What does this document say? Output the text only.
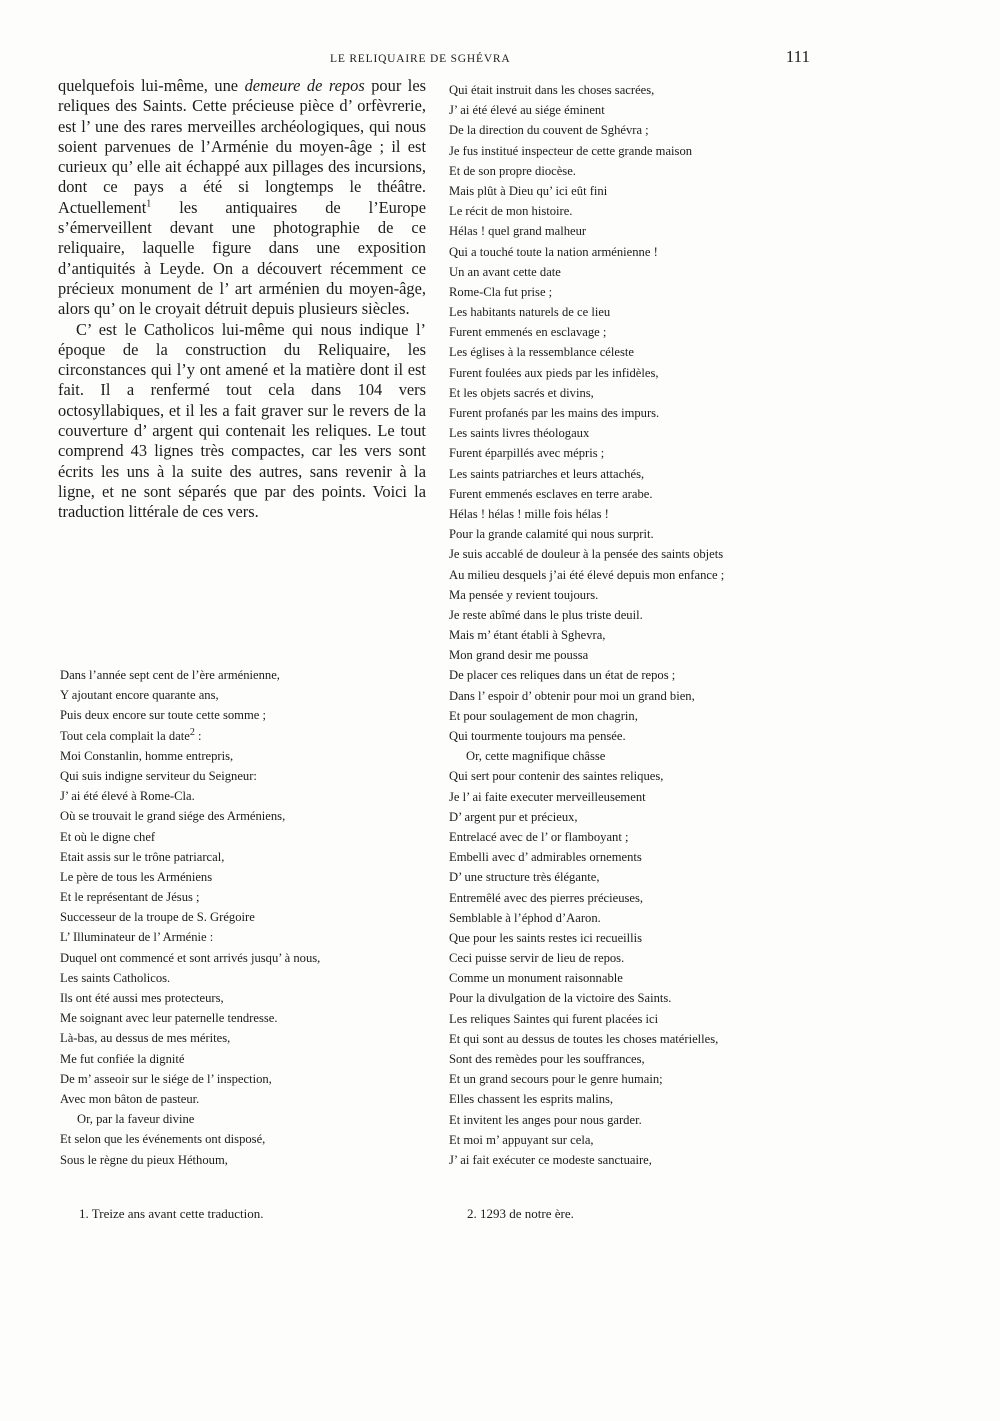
LE RELIQUAIRE DE SGHÉVRA	111

quelquefois lui-même, une demeure de repos pour les reliques des Saints. Cette précieuse pièce d’ orfèvrerie, est l’ une des rares merveilles archéologiques, qui nous soient parvenues de l’Arménie du moyen-âge ; il est curieux qu’ elle ait échappé aux pillages des incursions, dont ce pays a été si longtemps le théâtre. Actuellement$^1$ les antiquaires de l’Europe s’émerveillent devant une photographie de ce reliquaire, laquelle figure dans une exposition d’antiquités à Leyde. On a découvert récemment ce précieux monument de l’ art arménien du moyen-âge, alors qu’ on le croyait détruit depuis plusieurs siècles.

C’ est le Catholicos lui-même qui nous indique l’ époque de la construction du Reliquaire, les circonstances qui l’y ont amené et la matière dont il est fait. Il a renfermé tout cela dans 104 vers octosyllabiques, et il les a fait graver sur le revers de la couverture d’ argent qui contenait les reliques. Le tout comprend 43 lignes très compactes, car les vers sont écrits les uns à la suite des autres, sans revenir à la ligne, et ne sont séparés que par des points. Voici la traduction littérale de ces vers.

Dans l’année sept cent de l’ère arménienne,

Y ajoutant encore quarante ans,

Puis deux encore sur toute cette somme ;

Tout cela complait la date$^2$ :

Moi Constanlin, homme entrepris,

Qui suis indigne serviteur du Seigneur:

J’ ai été élevé à Rome-Cla.

Où se trouvait le grand siége des Arméniens,

Et où le digne chef

Etait assis sur le trône patriarcal,

Le père de tous les Arméniens

Et le représentant de Jésus ;

Successeur de la troupe de S. Grégoire

L’ Illuminateur de l’ Arménie :

Duquel ont commencé et sont arrivés jusqu’ à nous,

Les saints Catholicos.

Ils ont été aussi mes protecteurs,

Me soignant avec leur paternelle tendresse.

Là-bas, au dessus de mes mérites,

Me fut confiée la dignité

De m’ asseoir sur le siége de l’ inspection,

Avec mon bâton de pasteur.

Or, par la faveur divine

Et selon que les événements ont disposé,

Sous le règne du pieux Héthoum,

Qui était instruit dans les choses sacrées,

J’ ai été élevé au siége éminent

De la direction du couvent de Sghévra ;

Je fus institué inspecteur de cette grande maison

Et de son propre diocèse.

Mais plût à Dieu qu’ ici eût fini

Le récit de mon histoire.

Hélas ! quel grand malheur

Qui a touché toute la nation arménienne !

Un an avant cette date

Rome-Cla fut prise ;

Les habitants naturels de ce lieu

Furent emmenés en esclavage ;

Les églises à la ressemblance céleste

Furent foulées aux pieds par les infidèles,

Et les objets sacrés et divins,

Furent profanés par les mains des impurs.

Les saints livres théologaux

Furent éparpillés avec mépris ;

Les saints patriarches et leurs attachés,

Furent emmenés esclaves en terre arabe.

Hélas ! hélas ! mille fois hélas !

Pour la grande calamité qui nous surprit.

Je suis accablé de douleur à la pensée des saints objets

Au milieu desquels j’ai été élevé depuis mon enfance ;

Ma pensée y revient toujours.

Je reste abîmé dans le plus triste deuil.

Mais m’ étant établi à Sghevra,

Mon grand desir me poussa

De placer ces reliques dans un état de repos ;

Dans l’ espoir d’ obtenir pour moi un grand bien,

Et pour soulagement de mon chagrin,

Qui tourmente toujours ma pensée.

Or, cette magnifique châsse

Qui sert pour contenir des saintes reliques,

Je l’ ai faite executer merveilleusement

D’ argent pur et précieux,

Entrelacé avec de l’ or flamboyant ;

Embelli avec d’ admirables ornements

D’ une structure très élégante,

Entremêlé avec des pierres précieuses,

Semblable à l’éphod d’Aaron.

Que pour les saints restes ici recueillis

Ceci puisse servir de lieu de repos.

Comme un monument raisonnable

Pour la divulgation de la victoire des Saints.

Les reliques Saintes qui furent placées ici

Et qui sont au dessus de toutes les choses matérielles,

Sont des remèdes pour les souffrances,

Et un grand secours pour le genre humain;

Elles chassent les esprits malins,

Et invitent les anges pour nous garder.

Et moi m’ appuyant sur cela,

J’ ai fait exécuter ce modeste sanctuaire,

1. Treize ans avant cette traduction.	2. 1293 de notre ère.
